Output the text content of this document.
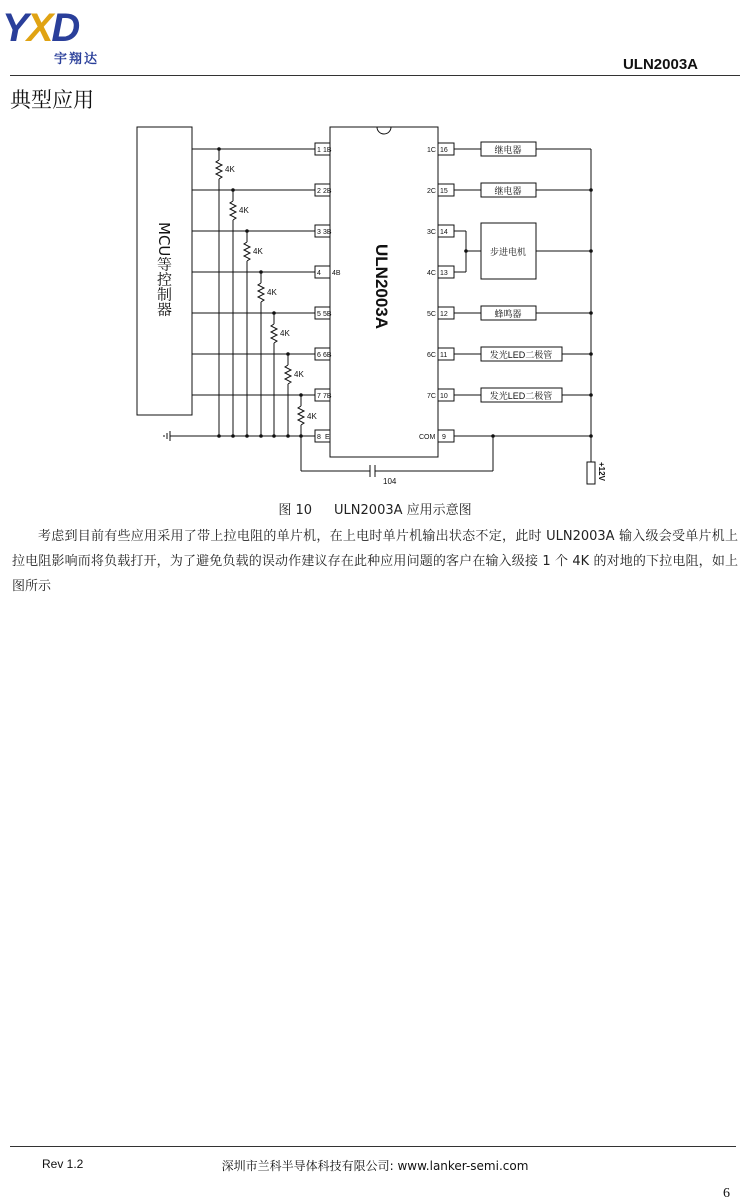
YXD
宇翔达	ULN2003A
典型应用
MCU等控制器	ULN2003A
1 1B
2 2B
3 3B
4 4B
5 5B
6 6B
7 7B
8 E
1C 16
2C 15
3C 14
4C 13
5C 12
6C 11
7C 10
COM 9
4K
4K
4K
4K
4K
4K
4K
继电器
继电器
步进电机
蜂鸣器
发光LED二极管
发光LED二极管
104
+12V
图 10 ULN2003A 应用示意图
考虑到目前有些应用采用了带上拉电阻的单片机，在上电时单片机输出状态不定，此时 ULN2003A 输入级会受单片机上拉电阻影响而将负载打开，为了避免负载的误动作建议存在此种应用问题的客户在输入级接 1 个 4K 的对地的下拉电阻，如上图所示
Rev 1.2	深圳市兰科半导体科技有限公司: www.lanker-semi.com
6
